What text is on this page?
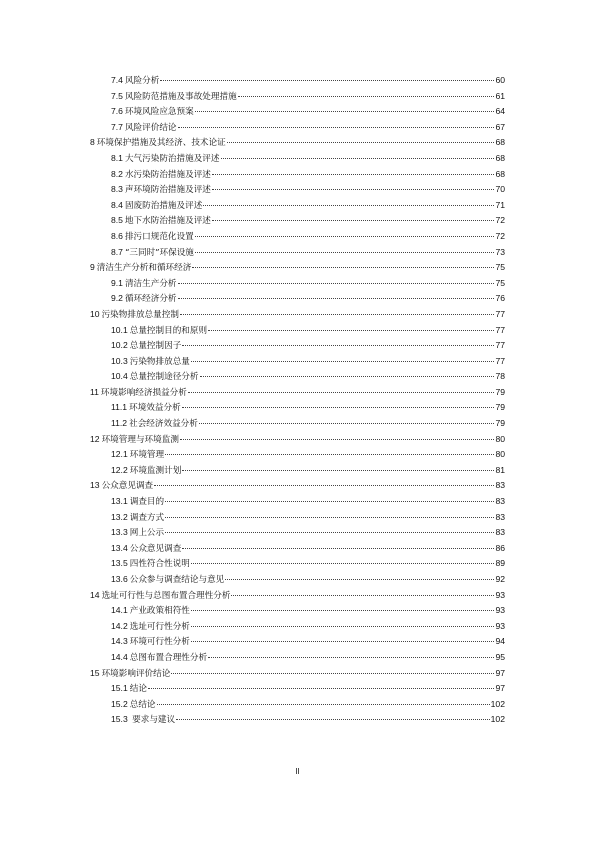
7.4 风险分析	60
7.5 风险防范措施及事故处理措施	61
7.6 环境风险应急预案	64
7.7 风险评价结论	67
8 环境保护措施及其经济、技术论证	68
8.1 大气污染防治措施及评述	68
8.2 水污染防治措施及评述	68
8.3 声环境防治措施及评述	70
8.4 固废防治措施及评述	71
8.5 地下水防治措施及评述	72
8.6 排污口规范化设置	72
8.7 “三同时”环保设施	73
9 清洁生产分析和循环经济	75
9.1 清洁生产分析	75
9.2 循环经济分析	76
10 污染物排放总量控制	77
10.1 总量控制目的和原则	77
10.2 总量控制因子	77
10.3 污染物排放总量	77
10.4 总量控制途径分析	78
11 环境影响经济损益分析	79
11.1 环境效益分析	79
11.2 社会经济效益分析	79
12 环境管理与环境监测	80
12.1 环境管理	80
12.2 环境监测计划	81
13 公众意见调查	83
13.1 调查目的	83
13.2 调查方式	83
13.3 网上公示	83
13.4 公众意见调查	86
13.5 四性符合性说明	89
13.6 公众参与调查结论与意见	92
14 选址可行性与总图布置合理性分析	93
14.1 产业政策相符性	93
14.2 选址可行性分析	93
14.3 环境可行性分析	94
14.4 总图布置合理性分析	95
15 环境影响评价结论	97
15.1 结论	97
15.2 总结论	102
15.3 要求与建议	102
II
